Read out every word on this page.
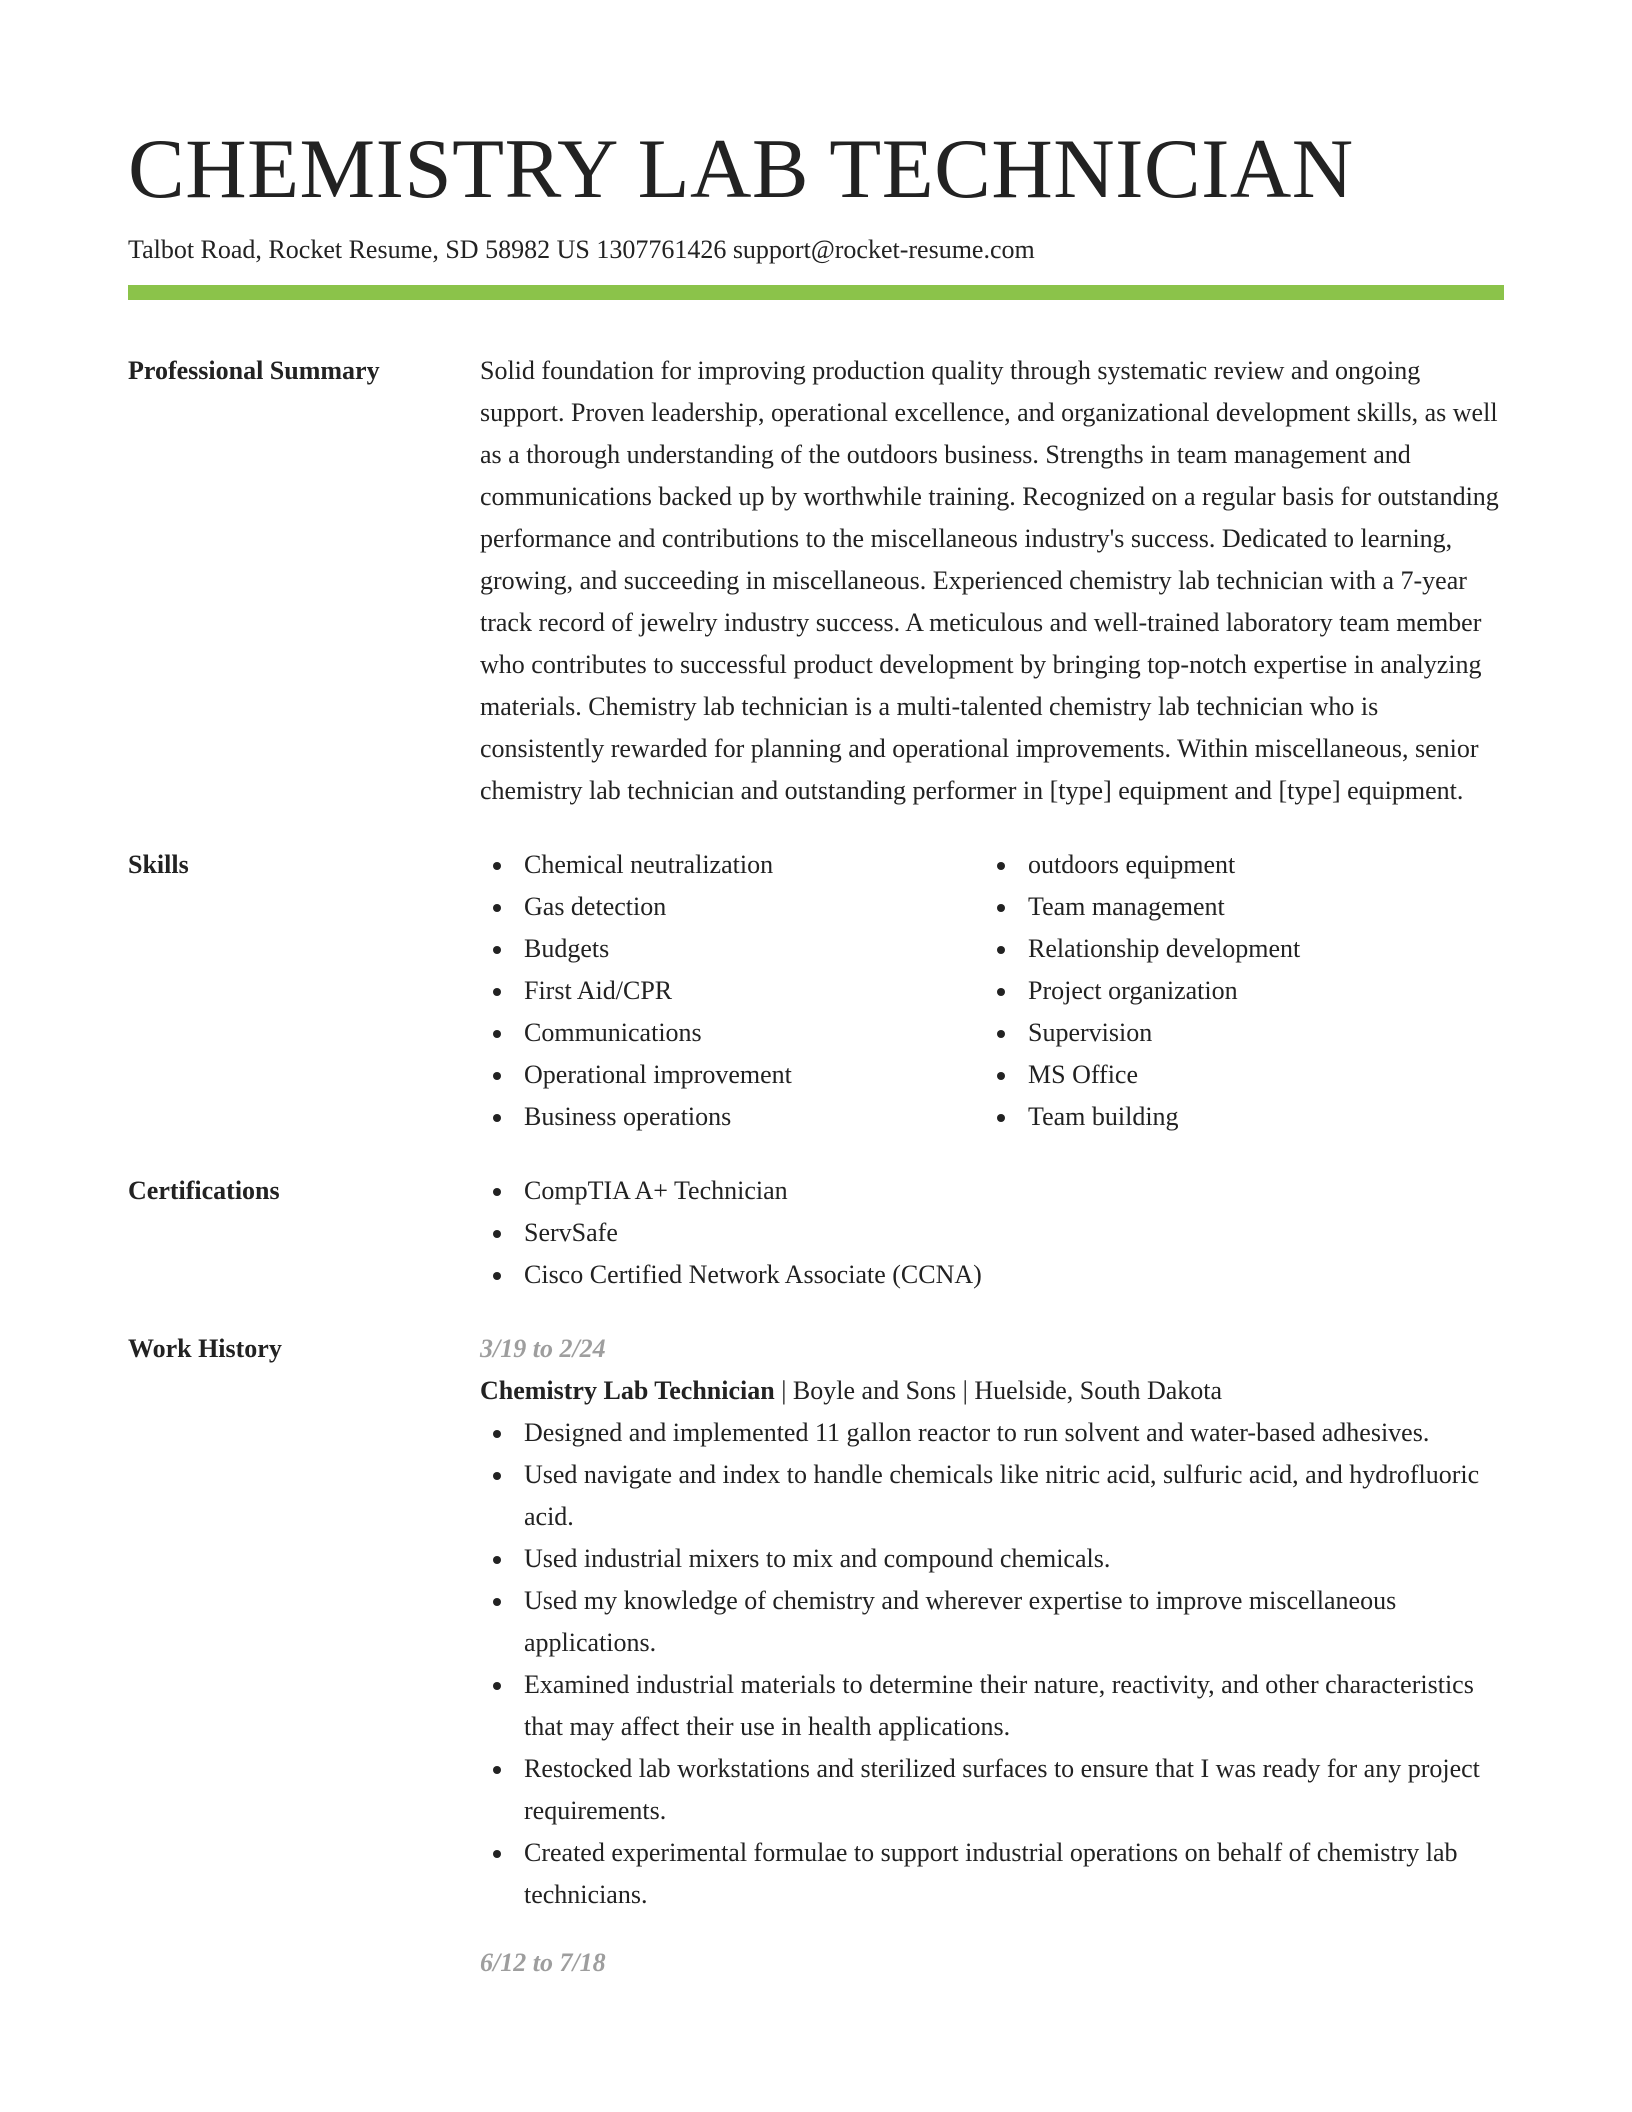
CHEMISTRY LAB TECHNICIAN
Talbot Road, Rocket Resume, SD 58982 US 1307761426 support@rocket-resume.com
Professional Summary	Solid foundation for improving production quality through systematic review and ongoing support. Proven leadership, operational excellence, and organizational development skills, as well as a thorough understanding of the outdoors business. Strengths in team management and communications backed up by worthwhile training. Recognized on a regular basis for outstanding performance and contributions to the miscellaneous industry's success. Dedicated to learning, growing, and succeeding in miscellaneous. Experienced chemistry lab technician with a 7-year track record of jewelry industry success. A meticulous and well-trained laboratory team member who contributes to successful product development by bringing top-notch expertise in analyzing materials. Chemistry lab technician is a multi-talented chemistry lab technician who is consistently rewarded for planning and operational improvements. Within miscellaneous, senior chemistry lab technician and outstanding performer in [type] equipment and [type] equipment.
Skills	Chemical neutralization
Gas detection
Budgets
First Aid/CPR
Communications
Operational improvement
Business operations
outdoors equipment
Team management
Relationship development
Project organization
Supervision
MS Office
Team building
Certifications	CompTIA A+ Technician
ServSafe
Cisco Certified Network Associate (CCNA)
Work History	3/19 to 2/24
Chemistry Lab Technician | Boyle and Sons | Huelside, South Dakota
Designed and implemented 11 gallon reactor to run solvent and water-based adhesives.
Used navigate and index to handle chemicals like nitric acid, sulfuric acid, and hydrofluoric acid.
Used industrial mixers to mix and compound chemicals.
Used my knowledge of chemistry and wherever expertise to improve miscellaneous applications.
Examined industrial materials to determine their nature, reactivity, and other characteristics that may affect their use in health applications.
Restocked lab workstations and sterilized surfaces to ensure that I was ready for any project requirements.
Created experimental formulae to support industrial operations on behalf of chemistry lab technicians.
6/12 to 7/18
